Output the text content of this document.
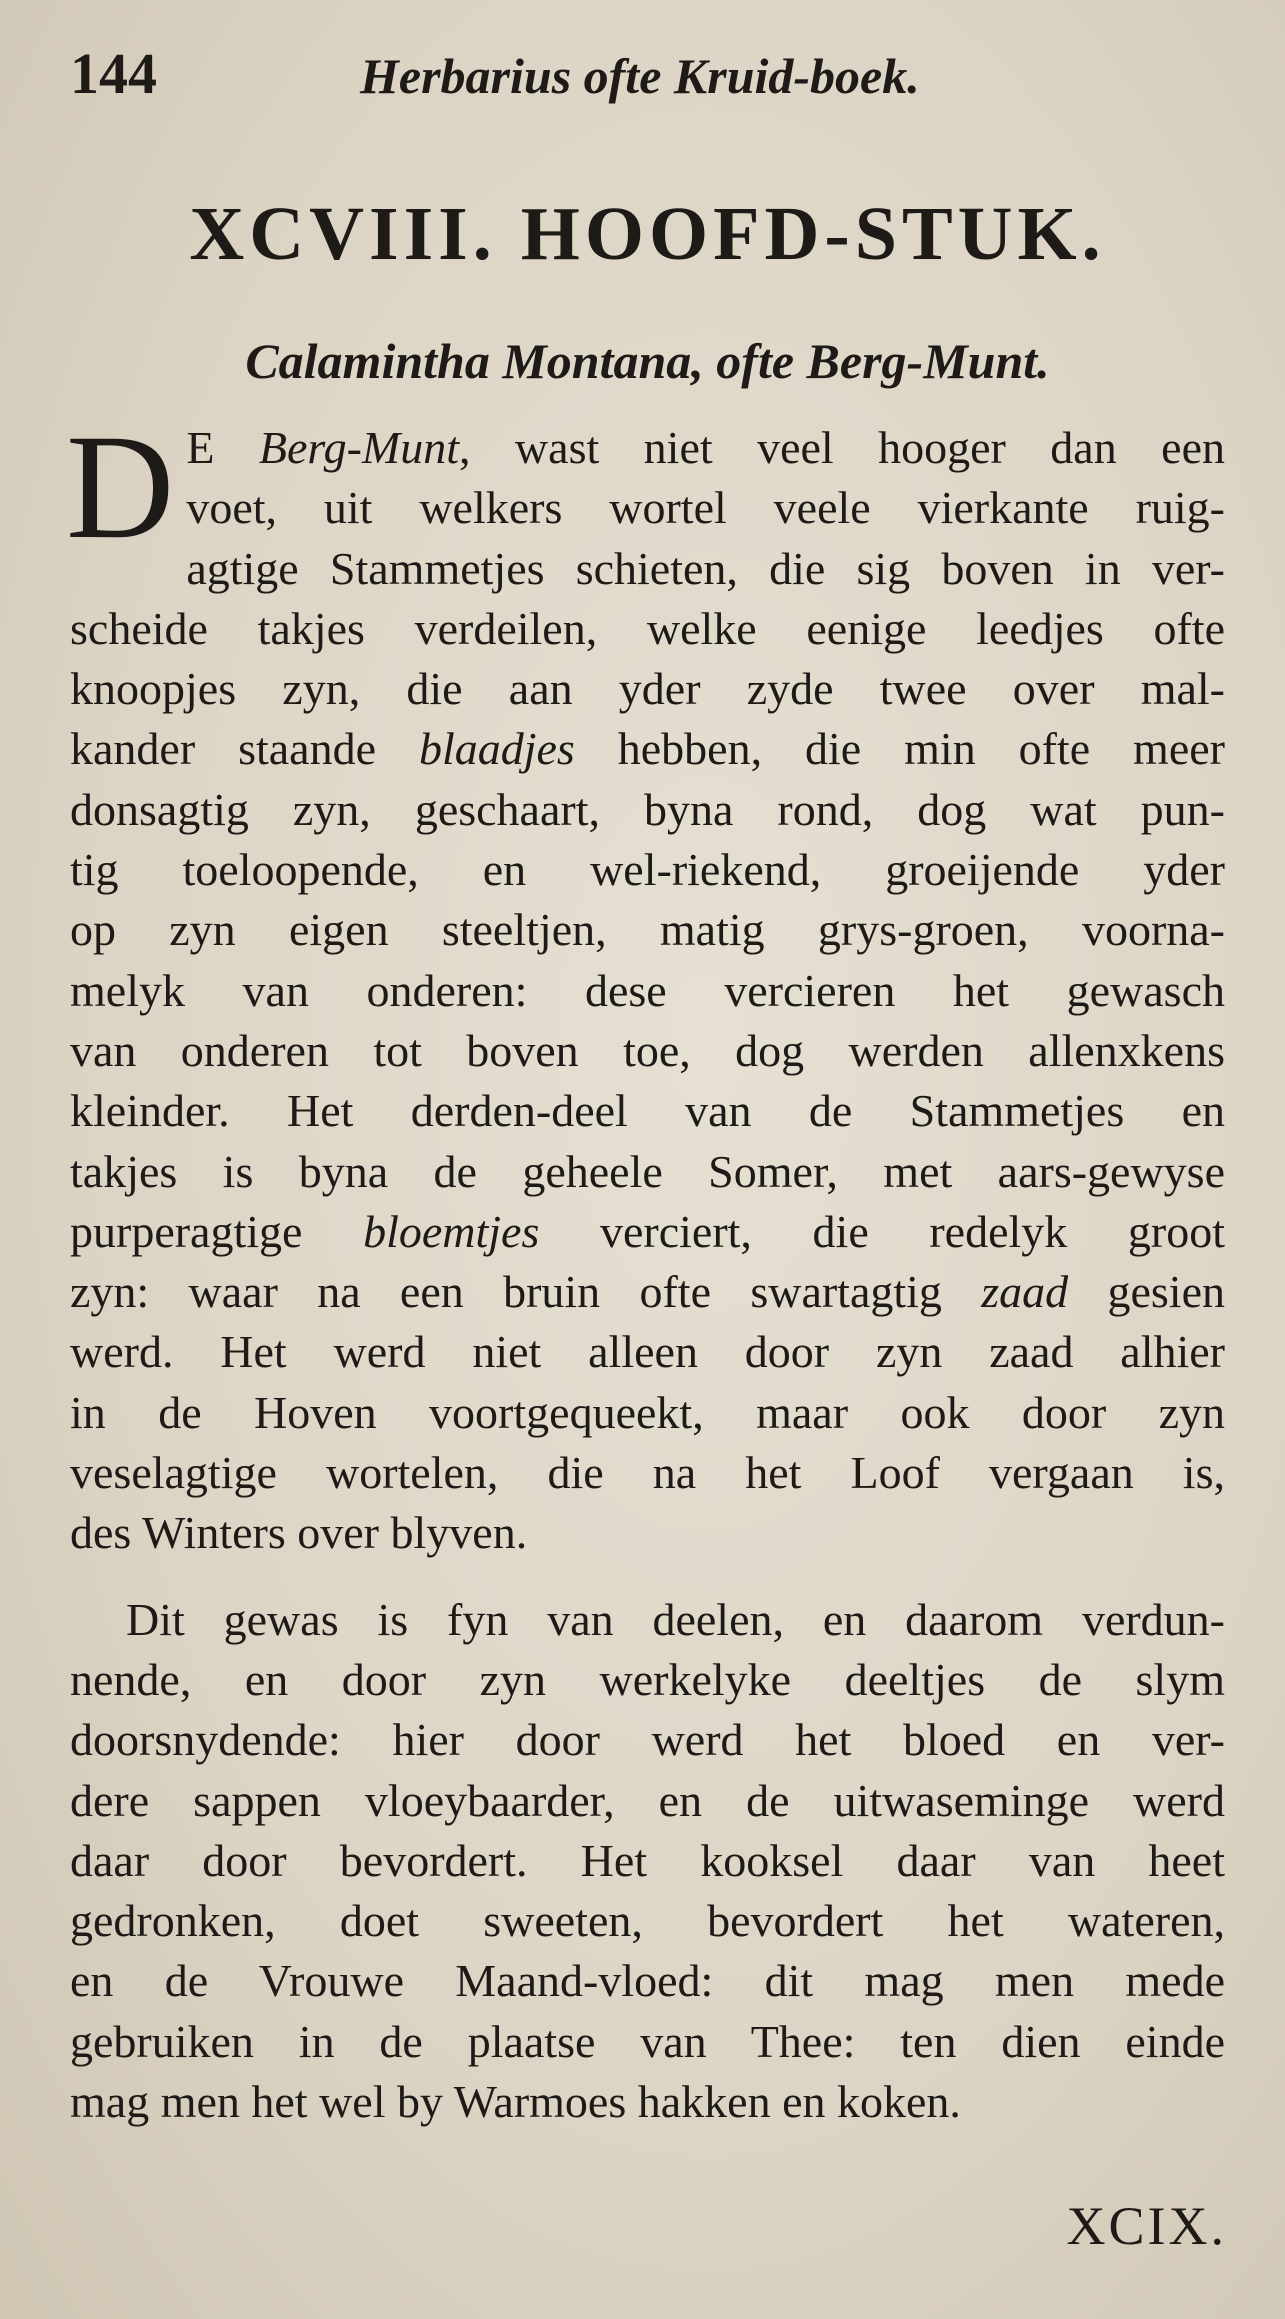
144	Herbarius ofte Kruid-boek.
XCVIII. HOOFD-STUK.
Calamintha Montana, ofte Berg-Munt.
D E Berg-Munt, wast niet veel hooger dan een
voet, uit welkers wortel veele vierkante ruig-
agtige Stammetjes schieten, die sig boven in ver-
scheide takjes verdeilen, welke eenige leedjes ofte
knoopjes zyn, die aan yder zyde twee over mal-
kander staande blaadjes hebben, die min ofte meer
donsagtig zyn, geschaart, byna rond, dog wat pun-
tig toeloopende, en wel-riekend, groeijende yder
op zyn eigen steeltjen, matig grys-groen, voorna-
melyk van onderen: dese vercieren het gewasch
van onderen tot boven toe, dog werden allenxkens
kleinder. Het derden-deel van de Stammetjes en
takjes is byna de geheele Somer, met aars-gewyse
purperagtige bloemtjes verciert, die redelyk groot
zyn: waar na een bruin ofte swartagtig zaad gesien
werd. Het werd niet alleen door zyn zaad alhier
in de Hoven voortgequeekt, maar ook door zyn
veselagtige wortelen, die na het Loof vergaan is,
des Winters over blyven.
Dit gewas is fyn van deelen, en daarom verdun-
nende, en door zyn werkelyke deeltjes de slym
doorsnydende: hier door werd het bloed en ver-
dere sappen vloeybaarder, en de uitwaseminge werd
daar door bevordert. Het kooksel daar van heet
gedronken, doet sweeten, bevordert het wateren,
en de Vrouwe Maand-vloed: dit mag men mede
gebruiken in de plaatse van Thee: ten dien einde
mag men het wel by Warmoes hakken en koken.
XCIX.
